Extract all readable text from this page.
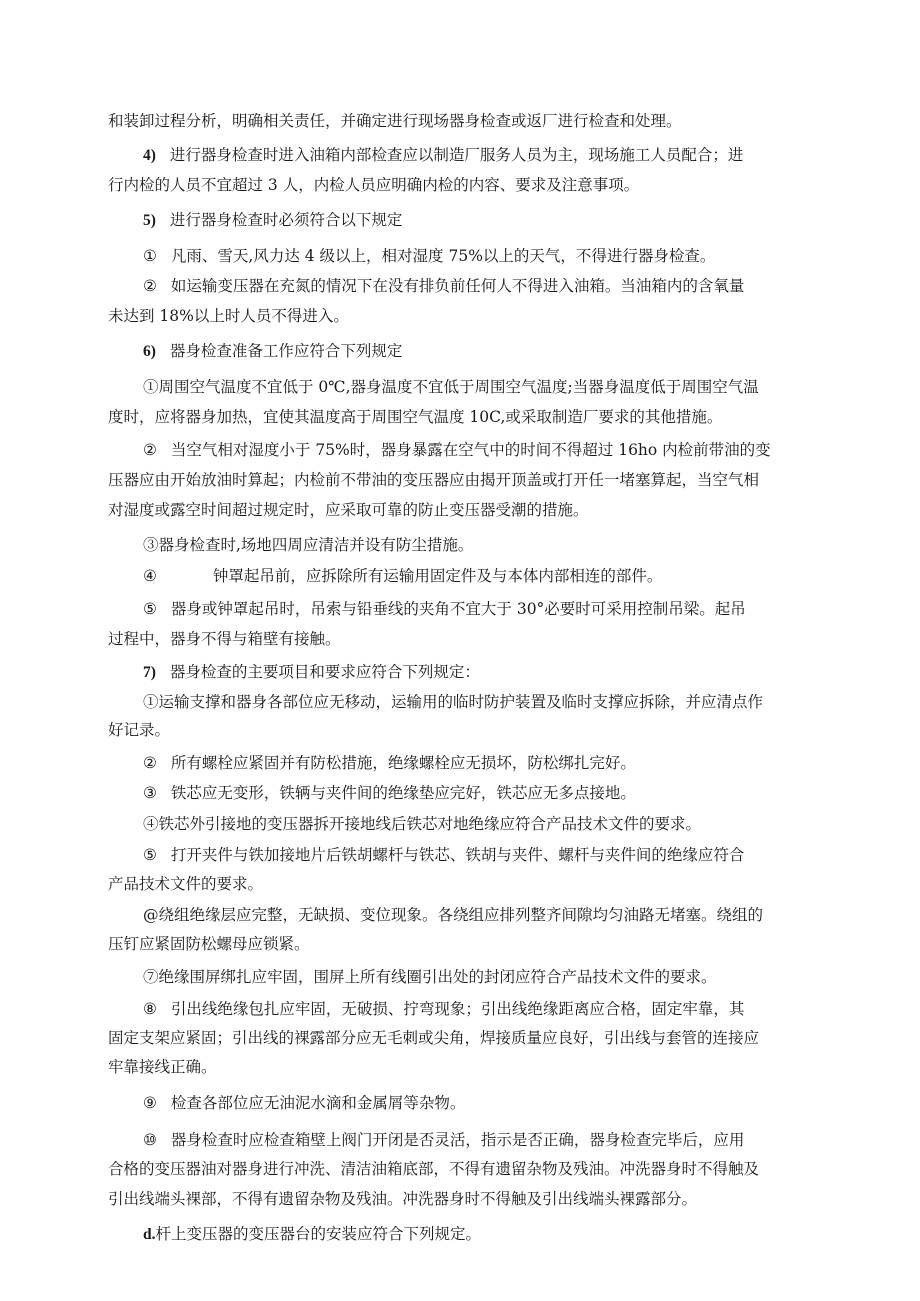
和装卸过程分析，明确相关责任，并确定进行现场器身检查或返厂进行检查和处理。
4) 进行器身检查时进入油箱内部检查应以制造厂服务人员为主，现场施工人员配合；进
行内检的人员不宜超过 3 人，内检人员应明确内检的内容、要求及注意事项。
5) 进行器身检查时必须符合以下规定
① 凡雨、雪天,风力达 4 级以上，相对湿度 75%以上的天气，不得进行器身检查。
② 如运输变压器在充氮的情况下在没有排负前任何人不得进入油箱。当油箱内的含氧量
未达到 18%以上时人员不得进入。
6) 器身检查准备工作应符合下列规定
①周围空气温度不宜低于 0℃,器身温度不宜低于周围空气温度;当器身温度低于周围空气温
度时，应将器身加热，宜使其温度高于周围空气温度 10C,或采取制造厂要求的其他措施。
② 当空气相对湿度小于 75%时，器身暴露在空气中的时间不得超过 16ho 内检前带油的变
压器应由开始放油时算起；内检前不带油的变压器应由揭开顶盖或打开任一堵塞算起，当空气相
对湿度或露空时间超过规定时，应采取可靠的防止变压器受潮的措施。
③器身检查时,场地四周应清洁并设有防尘措施。
④	钟罩起吊前，应拆除所有运输用固定件及与本体内部相连的部件。
⑤ 器身或钟罩起吊时，吊索与铅垂线的夹角不宜大于 30°必要时可采用控制吊梁。起吊
过程中，器身不得与箱壁有接触。
7) 器身检查的主要项目和要求应符合下列规定：
①运输支撑和器身各部位应无移动，运输用的临时防护装置及临时支撑应拆除，并应清点作
好记录。
② 所有螺栓应紧固并有防松措施，绝缘螺栓应无损坏，防松绑扎完好。
③ 铁芯应无变形，铁辆与夹件间的绝缘垫应完好，铁芯应无多点接地。
④铁芯外引接地的变压器拆开接地线后铁芯对地绝缘应符合产品技术文件的要求。
⑤ 打开夹件与铁加接地片后铁胡螺杆与铁芯、铁胡与夹件、螺杆与夹件间的绝缘应符合
产品技术文件的要求。
@绕组绝缘层应完整，无缺损、变位现象。各绕组应排列整齐间隙均匀油路无堵塞。绕组的
压钉应紧固防松螺母应锁紧。
⑦绝缘围屏绑扎应牢固，围屏上所有线圈引出处的封闭应符合产品技术文件的要求。
⑧ 引出线绝缘包扎应牢固，无破损、拧弯现象；引出线绝缘距离应合格，固定牢靠，其
固定支架应紧固；引出线的裸露部分应无毛刺或尖角，焊接质量应良好，引出线与套管的连接应
牢靠接线正确。
⑨ 检查各部位应无油泥水滴和金属屑等杂物。
⑩ 器身检查时应检查箱壁上阀门开闭是否灵活，指示是否正确，器身检查完毕后，应用
合格的变压器油对器身进行冲洗、清洁油箱底部，不得有遗留杂物及残油。冲洗器身时不得触及
引出线端头裸部，不得有遗留杂物及残油。冲洗器身时不得触及引出线端头裸露部分。
d.杆上变压器的变压器台的安装应符合下列规定。
